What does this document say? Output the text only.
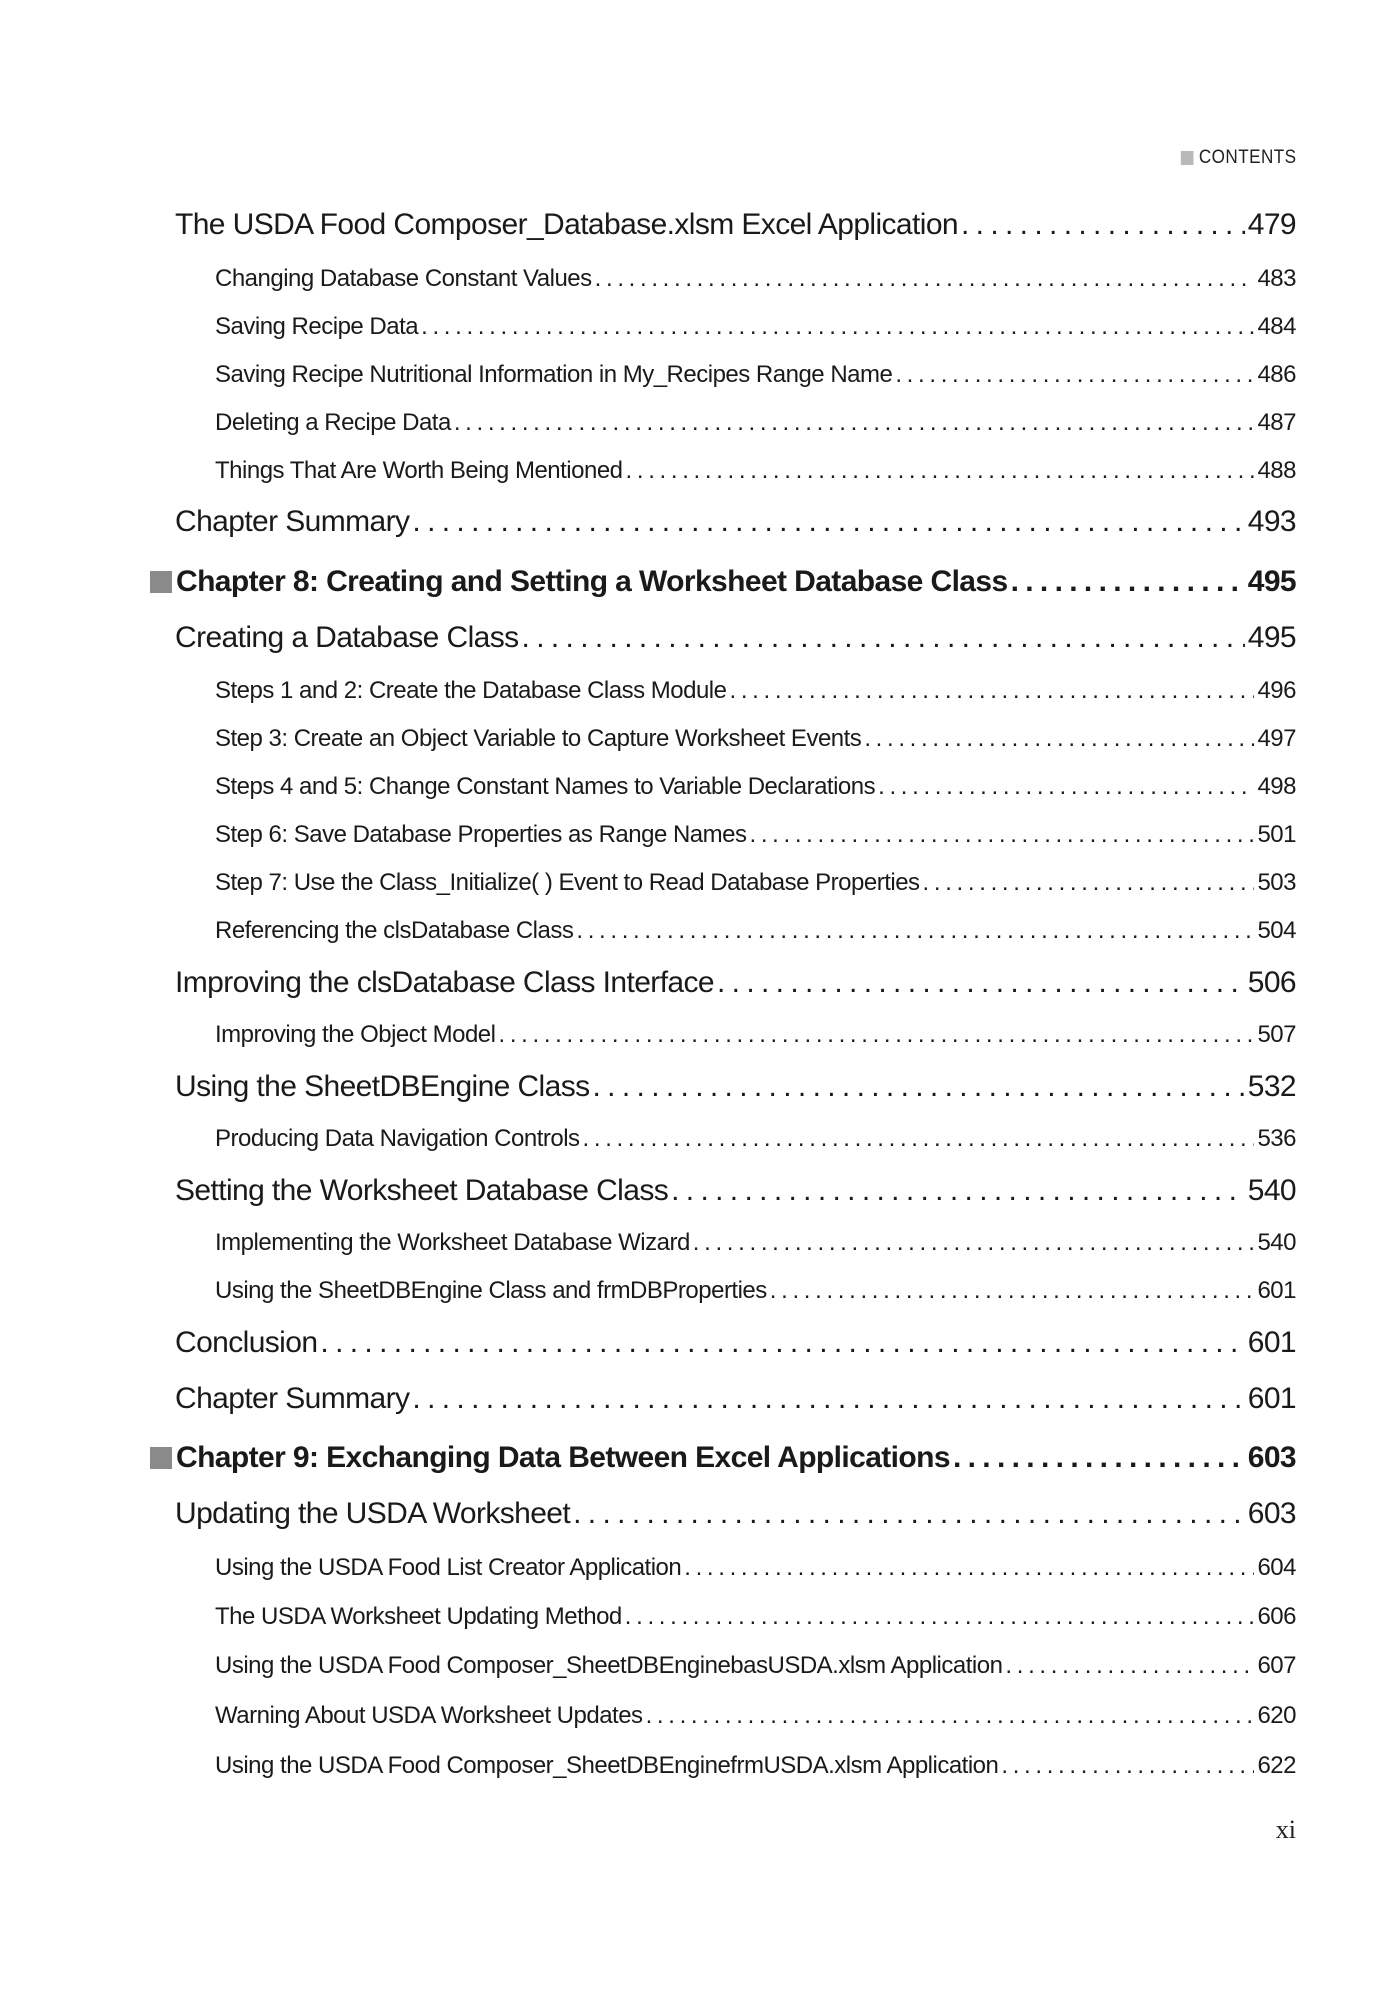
CONTENTS
The USDA Food Composer_Database.xlsm Excel Application . . .	479
Changing Database Constant Values . . .	483
Saving Recipe Data . . .	484
Saving Recipe Nutritional Information in My_Recipes Range Name . . .	486
Deleting a Recipe Data . . .	487
Things That Are Worth Being Mentioned . . .	488
Chapter Summary . . .	493
Chapter 8: Creating and Setting a Worksheet Database Class . . .	495
Creating a Database Class . . .	495
Steps 1 and 2: Create the Database Class Module . . .	496
Step 3: Create an Object Variable to Capture Worksheet Events . . .	497
Steps 4 and 5: Change Constant Names to Variable Declarations . . .	498
Step 6: Save Database Properties as Range Names . . .	501
Step 7: Use the Class_Initialize( ) Event to Read Database Properties . . .	503
Referencing the clsDatabase Class . . .	504
Improving the clsDatabase Class Interface . . .	506
Improving the Object Model . . .	507
Using the SheetDBEngine Class . . .	532
Producing Data Navigation Controls . . .	536
Setting the Worksheet Database Class . . .	540
Implementing the Worksheet Database Wizard . . .	540
Using the SheetDBEngine Class and frmDBProperties . . .	601
Conclusion . . .	601
Chapter Summary . . .	601
Chapter 9: Exchanging Data Between Excel Applications . . .	603
Updating the USDA Worksheet . . .	603
Using the USDA Food List Creator Application . . .	604
The USDA Worksheet Updating Method . . .	606
Using the USDA Food Composer_SheetDBEnginebasUSDA.xlsm Application . . .	607
Warning About USDA Worksheet Updates . . .	620
Using the USDA Food Composer_SheetDBEnginefrmUSDA.xlsm Application . . .	622
xi
